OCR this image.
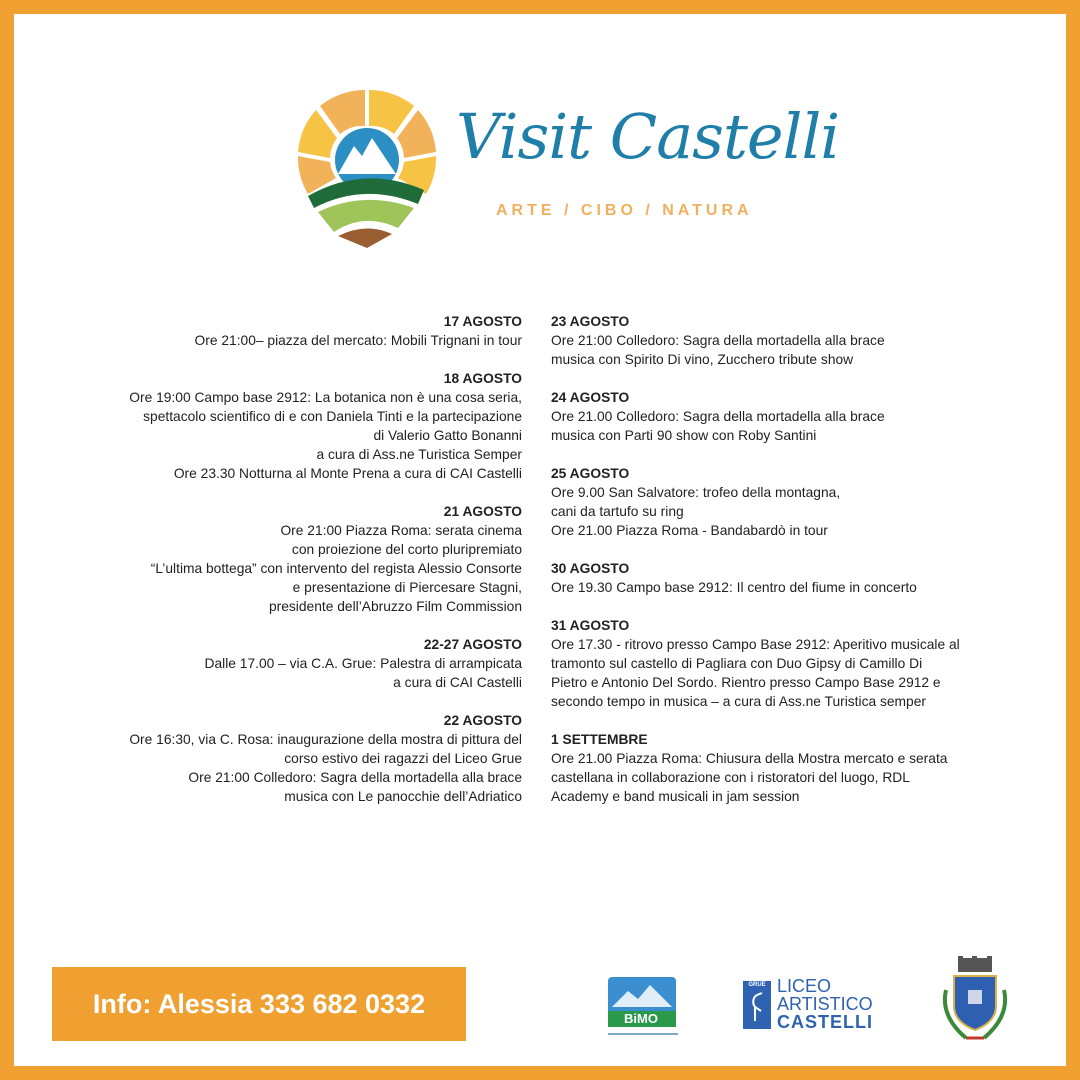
Visit Castelli
ARTE / CIBO / NATURA
17 AGOSTO
Ore 21:00– piazza del mercato: Mobili Trignani in tour
18 AGOSTO
Ore 19:00 Campo base 2912: La botanica non è una cosa seria,
spettacolo scientifico di e con Daniela Tinti e la partecipazione
di Valerio Gatto Bonanni
a cura di Ass.ne Turistica Semper
Ore 23.30 Notturna al Monte Prena a cura di CAI Castelli
21 AGOSTO
Ore 21:00 Piazza Roma: serata cinema
con proiezione del corto pluripremiato
“L’ultima bottega” con intervento del regista Alessio Consorte
e presentazione di Piercesare Stagni,
presidente dell’Abruzzo Film Commission
22-27 AGOSTO
Dalle 17.00 – via C.A. Grue: Palestra di arrampicata
a cura di CAI Castelli
22 AGOSTO
Ore 16:30, via C. Rosa: inaugurazione della mostra di pittura del
corso estivo dei ragazzi del Liceo Grue
Ore 21:00 Colledoro: Sagra della mortadella alla brace
musica con Le panocchie dell’Adriatico
23 AGOSTO
Ore 21:00 Colledoro: Sagra della mortadella alla brace
musica con Spirito Di vino, Zucchero tribute show
24 AGOSTO
Ore 21.00 Colledoro: Sagra della mortadella alla brace
musica con Parti 90 show con Roby Santini
25 AGOSTO
Ore 9.00 San Salvatore: trofeo della montagna,
cani da tartufo su ring
Ore 21.00 Piazza Roma - Bandabardò in tour
30 AGOSTO
Ore 19.30 Campo base 2912: Il centro del fiume in concerto
31 AGOSTO
Ore 17.30 - ritrovo presso Campo Base 2912: Aperitivo musicale al
tramonto sul castello di Pagliara con Duo Gipsy di Camillo Di
Pietro e Antonio Del Sordo. Rientro presso Campo Base 2912 e
secondo tempo in musica – a cura di Ass.ne Turistica semper
1 SETTEMBRE
Ore 21.00 Piazza Roma: Chiusura della Mostra mercato e serata
castellana in collaborazione con i ristoratori del luogo, RDL
Academy e band musicali in jam session
Info: Alessia 333 682 0332	BiMO
GRUE LICEO
ARTISTICO
CASTELLI
